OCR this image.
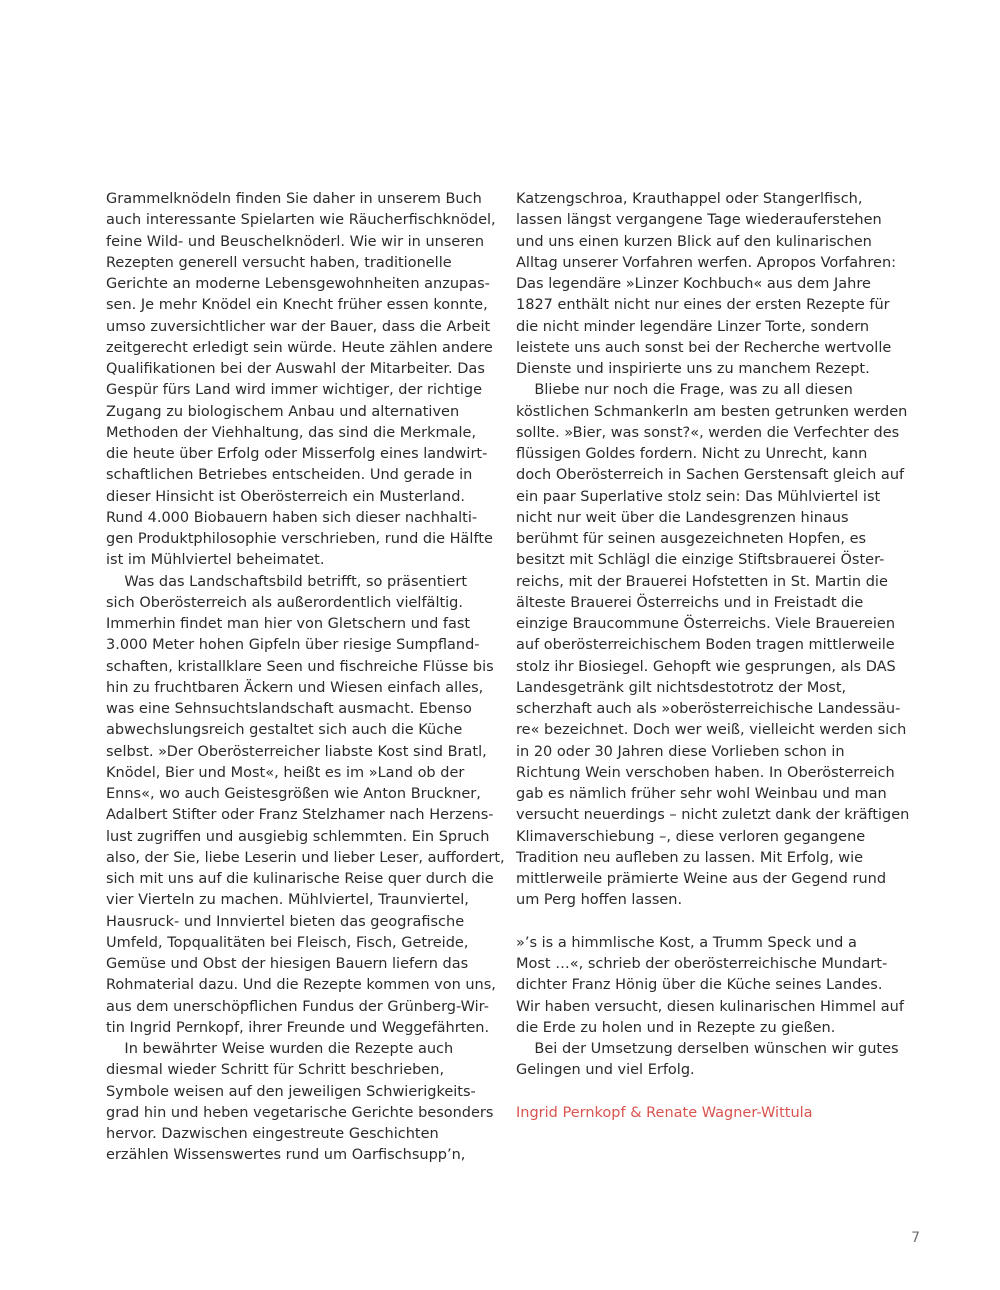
Grammelknödeln finden Sie daher in unserem Buch
auch interessante Spielarten wie Räucherfischknödel,
feine Wild- und Beuschelknöderl. Wie wir in unseren
Rezepten generell versucht haben, traditionelle
Gerichte an moderne Lebensgewohnheiten anzupas-
sen. Je mehr Knödel ein Knecht früher essen konnte,
umso zuversichtlicher war der Bauer, dass die Arbeit
zeitgerecht erledigt sein würde. Heute zählen andere
Qualifikationen bei der Auswahl der Mitarbeiter. Das
Gespür fürs Land wird immer wichtiger, der richtige
Zugang zu biologischem Anbau und alternativen
Methoden der Viehhaltung, das sind die Merkmale,
die heute über Erfolg oder Misserfolg eines landwirt-
schaftlichen Betriebes entscheiden. Und gerade in
dieser Hinsicht ist Oberösterreich ein Musterland.
Rund 4.000 Biobauern haben sich dieser nachhalti-
gen Produktphilosophie verschrieben, rund die Hälfte
ist im Mühlviertel beheimatet.
Was das Landschaftsbild betrifft, so präsentiert
sich Oberösterreich als außerordentlich vielfältig.
Immerhin findet man hier von Gletschern und fast
3.000 Meter hohen Gipfeln über riesige Sumpfland-
schaften, kristallklare Seen und fischreiche Flüsse bis
hin zu fruchtbaren Äckern und Wiesen einfach alles,
was eine Sehnsuchtslandschaft ausmacht. Ebenso
abwechslungsreich gestaltet sich auch die Küche
selbst. »Der Oberösterreicher liabste Kost sind Bratl,
Knödel, Bier und Most«, heißt es im »Land ob der
Enns«, wo auch Geistesgrößen wie Anton Bruckner,
Adalbert Stifter oder Franz Stelzhamer nach Herzens-
lust zugriffen und ausgiebig schlemmten. Ein Spruch
also, der Sie, liebe Leserin und lieber Leser, auffordert,
sich mit uns auf die kulinarische Reise quer durch die
vier Vierteln zu machen. Mühlviertel, Traunviertel,
Hausruck- und Innviertel bieten das geografische
Umfeld, Topqualitäten bei Fleisch, Fisch, Getreide,
Gemüse und Obst der hiesigen Bauern liefern das
Rohmaterial dazu. Und die Rezepte kommen von uns,
aus dem unerschöpflichen Fundus der Grünberg-Wir-
tin Ingrid Pernkopf, ihrer Freunde und Weggefährten.
In bewährter Weise wurden die Rezepte auch
diesmal wieder Schritt für Schritt beschrieben,
Symbole weisen auf den jeweiligen Schwierigkeits-
grad hin und heben vegetarische Gerichte besonders
hervor. Dazwischen eingestreute Geschichten
erzählen Wissenswertes rund um Oarfischsupp’n,
Katzengschroa, Krauthappel oder Stangerlfisch,
lassen längst vergangene Tage wiederauferstehen
und uns einen kurzen Blick auf den kulinarischen
Alltag unserer Vorfahren werfen. Apropos Vorfahren:
Das legendäre »Linzer Kochbuch« aus dem Jahre
1827 enthält nicht nur eines der ersten Rezepte für
die nicht minder legendäre Linzer Torte, sondern
leistete uns auch sonst bei der Recherche wertvolle
Dienste und inspirierte uns zu manchem Rezept.
Bliebe nur noch die Frage, was zu all diesen
köstlichen Schmankerln am besten getrunken werden
sollte. »Bier, was sonst?«, werden die Verfechter des
flüssigen Goldes fordern. Nicht zu Unrecht, kann
doch Oberösterreich in Sachen Gerstensaft gleich auf
ein paar Superlative stolz sein: Das Mühlviertel ist
nicht nur weit über die Landesgrenzen hinaus
berühmt für seinen ausgezeichneten Hopfen, es
besitzt mit Schlägl die einzige Stiftsbrauerei Öster-
reichs, mit der Brauerei Hofstetten in St. Martin die
älteste Brauerei Österreichs und in Freistadt die
einzige Braucommune Österreichs. Viele Brauereien
auf oberösterreichischem Boden tragen mittlerweile
stolz ihr Biosiegel. Gehopft wie gesprungen, als DAS
Landesgetränk gilt nichtsdestotrotz der Most,
scherzhaft auch als »oberösterreichische Landessäu-
re« bezeichnet. Doch wer weiß, vielleicht werden sich
in 20 oder 30 Jahren diese Vorlieben schon in
Richtung Wein verschoben haben. In Oberösterreich
gab es nämlich früher sehr wohl Weinbau und man
versucht neuerdings – nicht zuletzt dank der kräftigen
Klimaverschiebung –, diese verloren gegangene
Tradition neu aufleben zu lassen. Mit Erfolg, wie
mittlerweile prämierte Weine aus der Gegend rund
um Perg hoffen lassen.
»’s is a himmlische Kost, a Trumm Speck und a
Most …«, schrieb der oberösterreichische Mundart-
dichter Franz Hönig über die Küche seines Landes.
Wir haben versucht, diesen kulinarischen Himmel auf
die Erde zu holen und in Rezepte zu gießen.
Bei der Umsetzung derselben wünschen wir gutes
Gelingen und viel Erfolg.
Ingrid Pernkopf & Renate Wagner-Wittula
7
